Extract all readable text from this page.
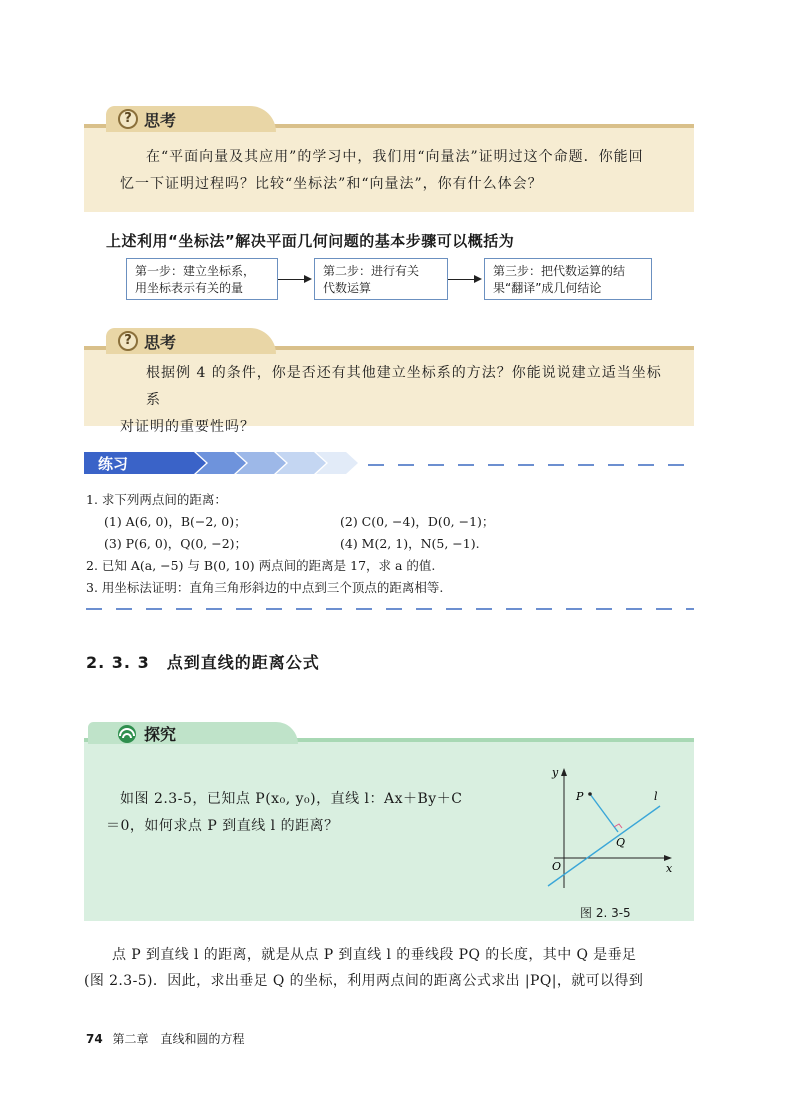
? 思考

在“平面向量及其应用”的学习中，我们用“向量法”证明过这个命题．你能回

忆一下证明过程吗？比较“坐标法”和“向量法”，你有什么体会？

上述利用“坐标法”解决平面几何问题的基本步骤可以概括为
第一步：建立坐标系，
用坐标表示有关的量
第二步：进行有关
代数运算
第三步：把代数运算的结
果“翻译”成几何结论
? 思考

根据例 4 的条件，你是否还有其他建立坐标系的方法？你能说说建立适当坐标系

对证明的重要性吗？

练习
1. 求下列两点间的距离：
(1) A(6, 0)，B(−2, 0)；	(2) C(0, −4)，D(0, −1)；
(3) P(6, 0)，Q(0, −2)；	(4) M(2, 1)，N(5, −1).
2. 已知 A(a, −5) 与 B(0, 10) 两点间的距离是 17，求 a 的值.
3. 用坐标法证明：直角三角形斜边的中点到三个顶点的距离相等.
2. 3. 3　点到直线的距离公式
探究

如图 2.3-5，已知点 P(x₀, y₀)，直线 l：Ax＋By＋C

＝0，如何求点 P 到直线 l 的距离？

y
x
O
P
Q
l
图 2. 3-5
点 P 到直线 l 的距离，就是从点 P 到直线 l 的垂线段 PQ 的长度，其中 Q 是垂足
(图 2.3-5)．因此，求出垂足 Q 的坐标，利用两点间的距离公式求出 |PQ|，就可以得到
74 第二章　直线和圆的方程
